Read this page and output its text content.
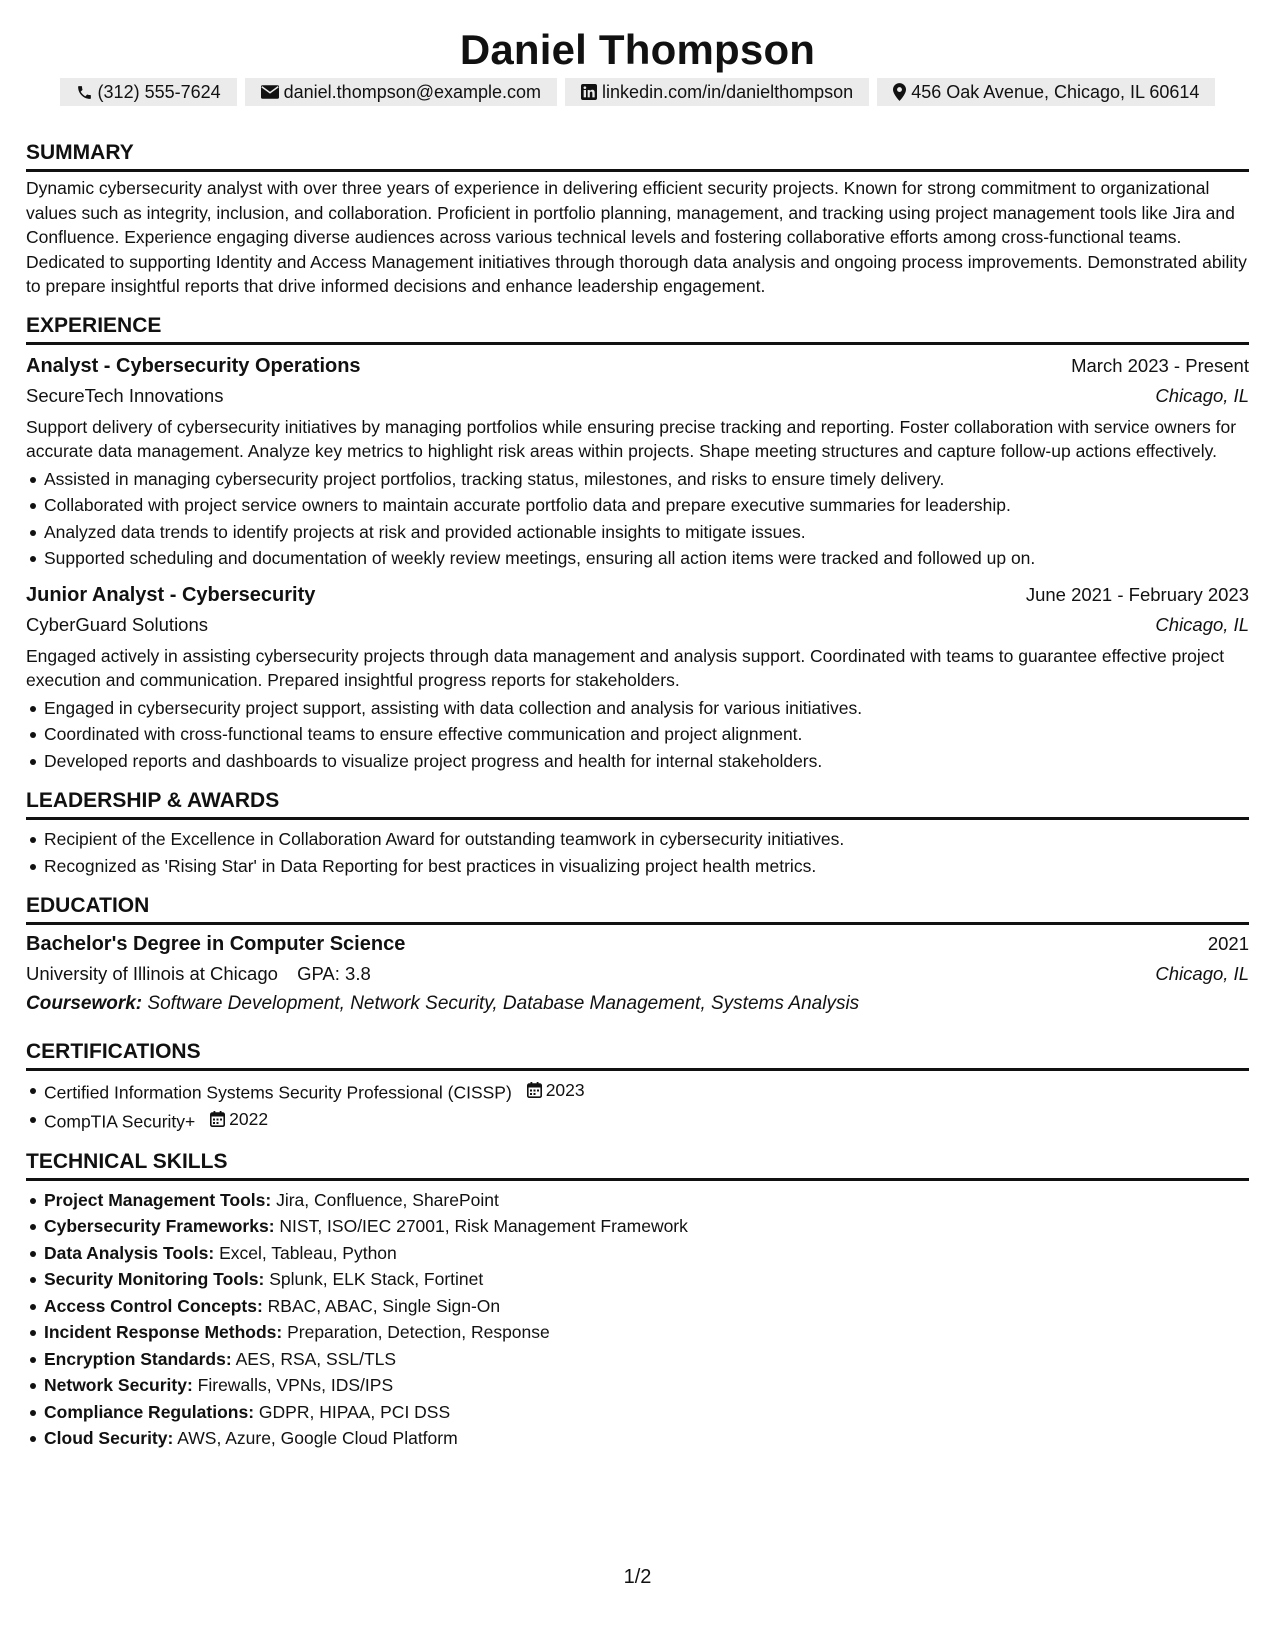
Daniel Thompson
(312) 555-7624	daniel.thompson@example.com	linkedin.com/in/danielthompson	456 Oak Avenue, Chicago, IL 60614
SUMMARY

Dynamic cybersecurity analyst with over three years of experience in delivering efficient security projects. Known for strong commitment to organizational values such as integrity, inclusion, and collaboration. Proficient in portfolio planning, management, and tracking using project management tools like Jira and Confluence. Experience engaging diverse audiences across various technical levels and fostering collaborative efforts among cross-functional teams. Dedicated to supporting Identity and Access Management initiatives through thorough data analysis and ongoing process improvements. Demonstrated ability to prepare insightful reports that drive informed decisions and enhance leadership engagement.

EXPERIENCE
Analyst - Cybersecurity Operations	March 2023 - Present
SecureTech Innovations	Chicago, IL

Support delivery of cybersecurity initiatives by managing portfolios while ensuring precise tracking and reporting. Foster collaboration with service owners for accurate data management. Analyze key metrics to highlight risk areas within projects. Shape meeting structures and capture follow-up actions effectively.

Assisted in managing cybersecurity project portfolios, tracking status, milestones, and risks to ensure timely delivery.
Collaborated with project service owners to maintain accurate portfolio data and prepare executive summaries for leadership.
Analyzed data trends to identify projects at risk and provided actionable insights to mitigate issues.
Supported scheduling and documentation of weekly review meetings, ensuring all action items were tracked and followed up on.
Junior Analyst - Cybersecurity	June 2021 - February 2023
CyberGuard Solutions	Chicago, IL

Engaged actively in assisting cybersecurity projects through data management and analysis support. Coordinated with teams to guarantee effective project execution and communication. Prepared insightful progress reports for stakeholders.

Engaged in cybersecurity project support, assisting with data collection and analysis for various initiatives.
Coordinated with cross-functional teams to ensure effective communication and project alignment.
Developed reports and dashboards to visualize project progress and health for internal stakeholders.
LEADERSHIP & AWARDS
Recipient of the Excellence in Collaboration Award for outstanding teamwork in cybersecurity initiatives.
Recognized as 'Rising Star' in Data Reporting for best practices in visualizing project health metrics.
EDUCATION
Bachelor's Degree in Computer Science	2021
University of Illinois at Chicago GPA: 3.8	Chicago, IL
Coursework: Software Development, Network Security, Database Management, Systems Analysis
CERTIFICATIONS
Certified Information Systems Security Professional (CISSP) 2023
CompTIA Security+ 2022
TECHNICAL SKILLS
Project Management Tools: Jira, Confluence, SharePoint
Cybersecurity Frameworks: NIST, ISO/IEC 27001, Risk Management Framework
Data Analysis Tools: Excel, Tableau, Python
Security Monitoring Tools: Splunk, ELK Stack, Fortinet
Access Control Concepts: RBAC, ABAC, Single Sign-On
Incident Response Methods: Preparation, Detection, Response
Encryption Standards: AES, RSA, SSL/TLS
Network Security: Firewalls, VPNs, IDS/IPS
Compliance Regulations: GDPR, HIPAA, PCI DSS
Cloud Security: AWS, Azure, Google Cloud Platform
1/2
